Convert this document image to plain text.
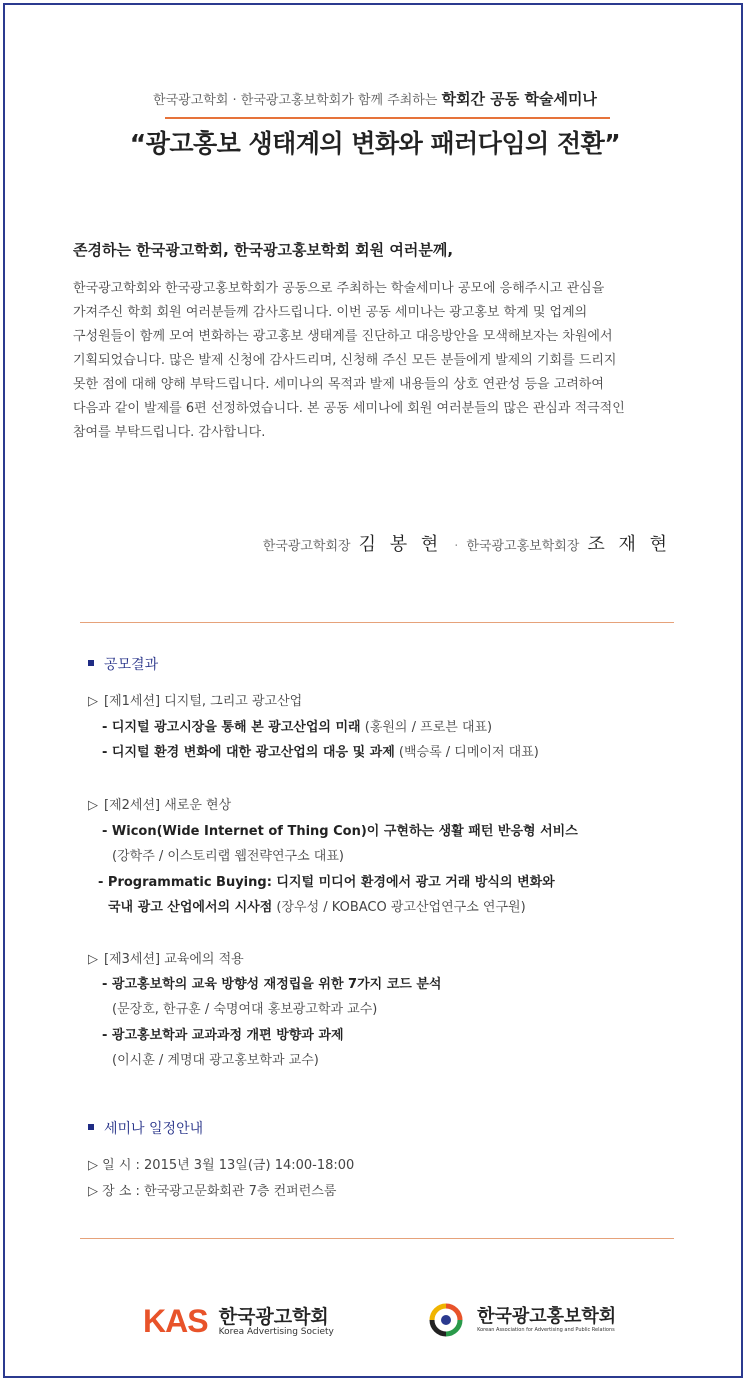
한국광고학회 · 한국광고홍보학회가 함께 주최하는 학회간 공동 학술세미나
“광고홍보 생태계의 변화와 패러다임의 전환”
존경하는 한국광고학회, 한국광고홍보학회 회원 여러분께,
한국광고학회와 한국광고홍보학회가 공동으로 주최하는 학술세미나 공모에 응해주시고 관심을
가져주신 학회 회원 여러분들께 감사드립니다. 이번 공동 세미나는 광고홍보 학계 및 업계의
구성원들이 함께 모여 변화하는 광고홍보 생태계를 진단하고 대응방안을 모색해보자는 차원에서
기획되었습니다. 많은 발제 신청에 감사드리며, 신청해 주신 모든 분들에게 발제의 기회를 드리지
못한 점에 대해 양해 부탁드립니다. 세미나의 목적과 발제 내용들의 상호 연관성 등을 고려하여
다음과 같이 발제를 6편 선정하였습니다. 본 공동 세미나에 회원 여러분들의 많은 관심과 적극적인
참여를 부탁드립니다. 감사합니다.
한국광고학회장 김 봉 현 · 한국광고홍보학회장 조 재 현
공모결과
▷ [제1세션] 디지털, 그리고 광고산업
- 디지털 광고시장을 통해 본 광고산업의 미래 (홍원의 / 프로븐 대표)
- 디지털 환경 변화에 대한 광고산업의 대응 및 과제 (백승록 / 디메이저 대표)
▷ [제2세션] 새로운 현상
- Wicon(Wide Internet of Thing Con)이 구현하는 생활 패턴 반응형 서비스
(강학주 / 이스토리랩 웹전략연구소 대표)
- Programmatic Buying: 디지털 미디어 환경에서 광고 거래 방식의 변화와
국내 광고 산업에서의 시사점 (장우성 / KOBACO 광고산업연구소 연구원)
▷ [제3세션] 교육에의 적용
- 광고홍보학의 교육 방향성 재정립을 위한 7가지 코드 분석
(문장호, 한규훈 / 숙명여대 홍보광고학과 교수)
- 광고홍보학과 교과과정 개편 방향과 과제
(이시훈 / 계명대 광고홍보학과 교수)
세미나 일정안내
▷ 일 시 : 2015년 3월 13일(금) 14:00-18:00
▷ 장 소 : 한국광고문화회관 7층 컨퍼런스룸
KAS 한국광고학회
Korea Advertising Society

한국광고홍보학회
Korean Association for Advertising and Public Relations
